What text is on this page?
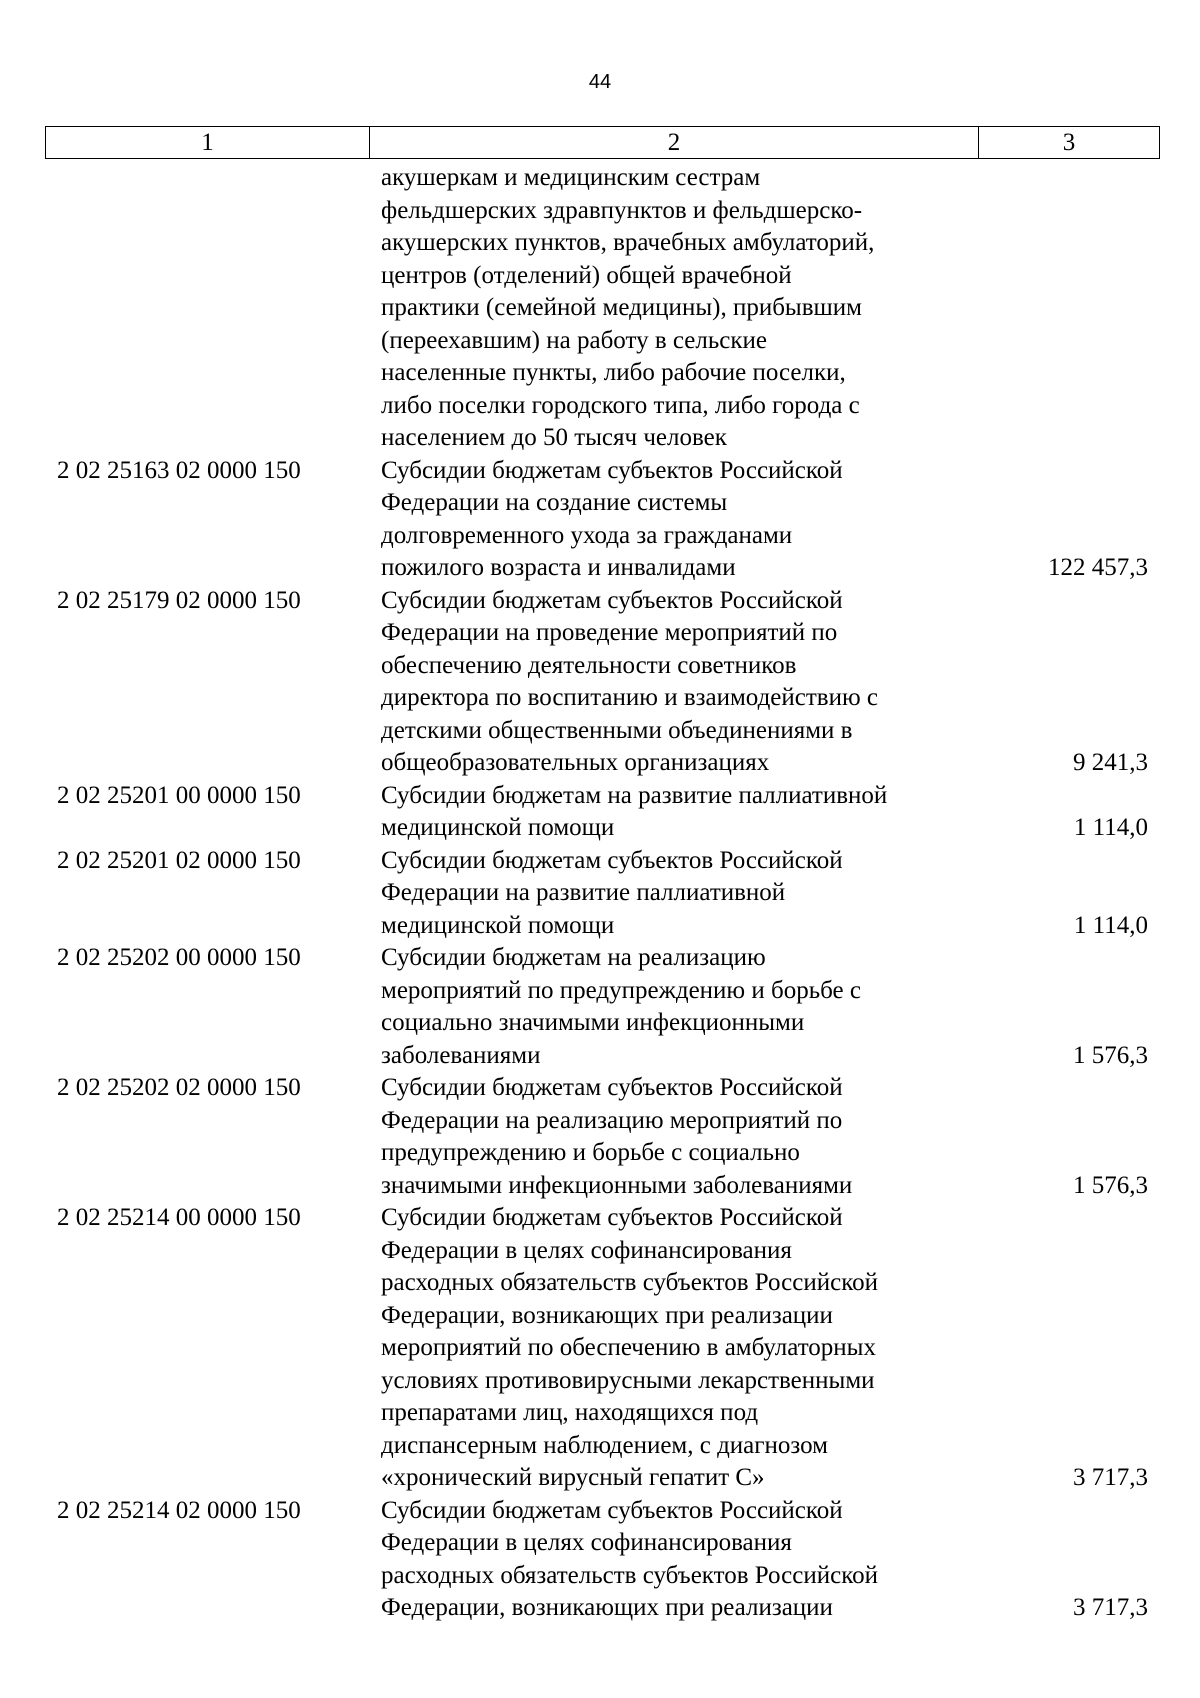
44
1	2	3
акушеркам и медицинским сестрам
фельдшерских здравпунктов и фельдшерско-
акушерских пунктов, врачебных амбулаторий,
центров (отделений) общей врачебной
практики (семейной медицины), прибывшим
(переехавшим) на работу в сельские
населенные пункты, либо рабочие поселки,
либо поселки городского типа, либо города с
населением до 50 тысяч человек
2 02 25163 02 0000 150	Субсидии бюджетам субъектов Российской
Федерации на создание системы
долговременного ухода за гражданами
пожилого возраста и инвалидами	122 457,3
2 02 25179 02 0000 150	Субсидии бюджетам субъектов Российской
Федерации на проведение мероприятий по
обеспечению деятельности советников
директора по воспитанию и взаимодействию с
детскими общественными объединениями в
общеобразовательных организациях	9 241,3
2 02 25201 00 0000 150	Субсидии бюджетам на развитие паллиативной
медицинской помощи	1 114,0
2 02 25201 02 0000 150	Субсидии бюджетам субъектов Российской
Федерации на развитие паллиативной
медицинской помощи	1 114,0
2 02 25202 00 0000 150	Субсидии бюджетам на реализацию
мероприятий по предупреждению и борьбе с
социально значимыми инфекционными
заболеваниями	1 576,3
2 02 25202 02 0000 150	Субсидии бюджетам субъектов Российской
Федерации на реализацию мероприятий по
предупреждению и борьбе с социально
значимыми инфекционными заболеваниями	1 576,3
2 02 25214 00 0000 150	Субсидии бюджетам субъектов Российской
Федерации в целях софинансирования
расходных обязательств субъектов Российской
Федерации, возникающих при реализации
мероприятий по обеспечению в амбулаторных
условиях противовирусными лекарственными
препаратами лиц, находящихся под
диспансерным наблюдением, с диагнозом
«хронический вирусный гепатит С»	3 717,3
2 02 25214 02 0000 150	Субсидии бюджетам субъектов Российской
Федерации в целях софинансирования
расходных обязательств субъектов Российской
Федерации, возникающих при реализации	3 717,3
